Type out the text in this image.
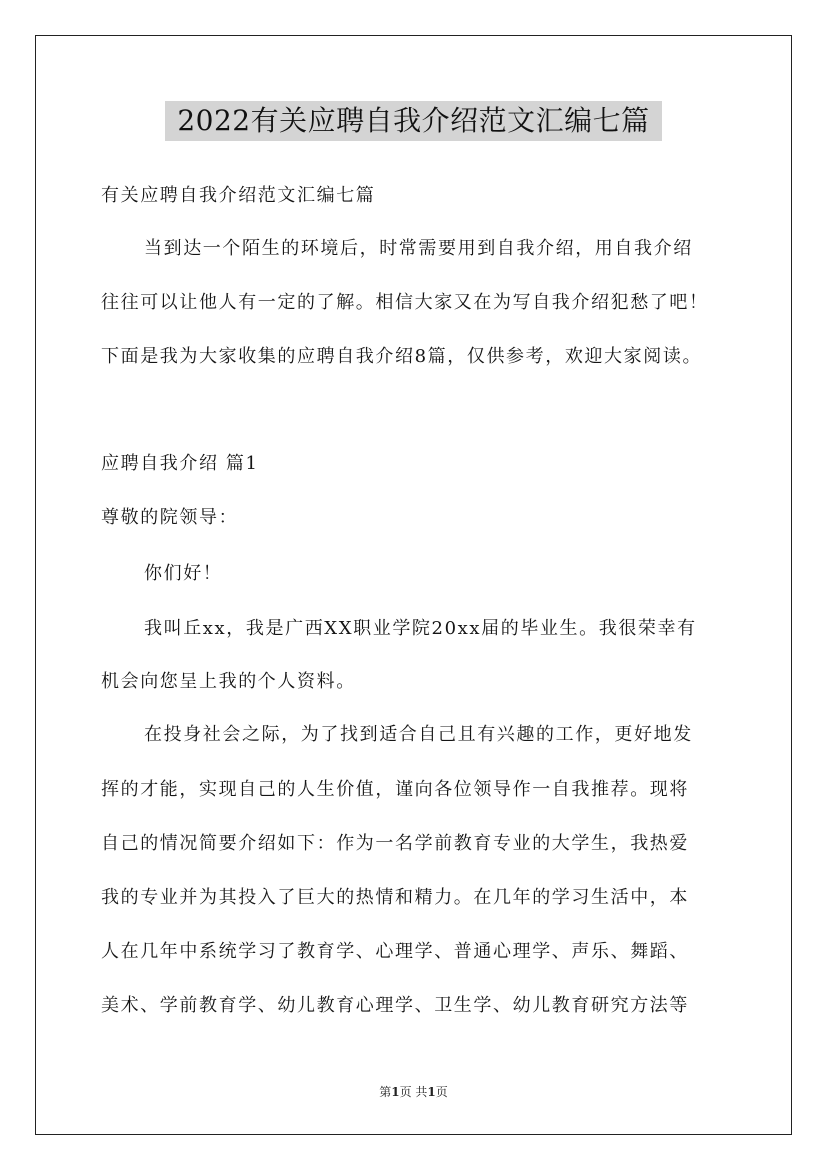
2022有关应聘自我介绍范文汇编七篇
有关应聘自我介绍范文汇编七篇
当到达一个陌生的环境后，时常需要用到自我介绍，用自我介绍
往往可以让他人有一定的了解。相信大家又在为写自我介绍犯愁了吧！
下面是我为大家收集的应聘自我介绍8篇，仅供参考，欢迎大家阅读。
应聘自我介绍 篇1
尊敬的院领导：
你们好！
我叫丘xx，我是广西XX职业学院20xx届的毕业生。我很荣幸有
机会向您呈上我的个人资料。
在投身社会之际，为了找到适合自己且有兴趣的工作，更好地发
挥的才能，实现自己的人生价值，谨向各位领导作一自我推荐。现将
自己的情况简要介绍如下：作为一名学前教育专业的大学生，我热爱
我的专业并为其投入了巨大的热情和精力。在几年的学习生活中，本
人在几年中系统学习了教育学、心理学、普通心理学、声乐、舞蹈、
美术、学前教育学、幼儿教育心理学、卫生学、幼儿教育研究方法等
第1页 共1页
